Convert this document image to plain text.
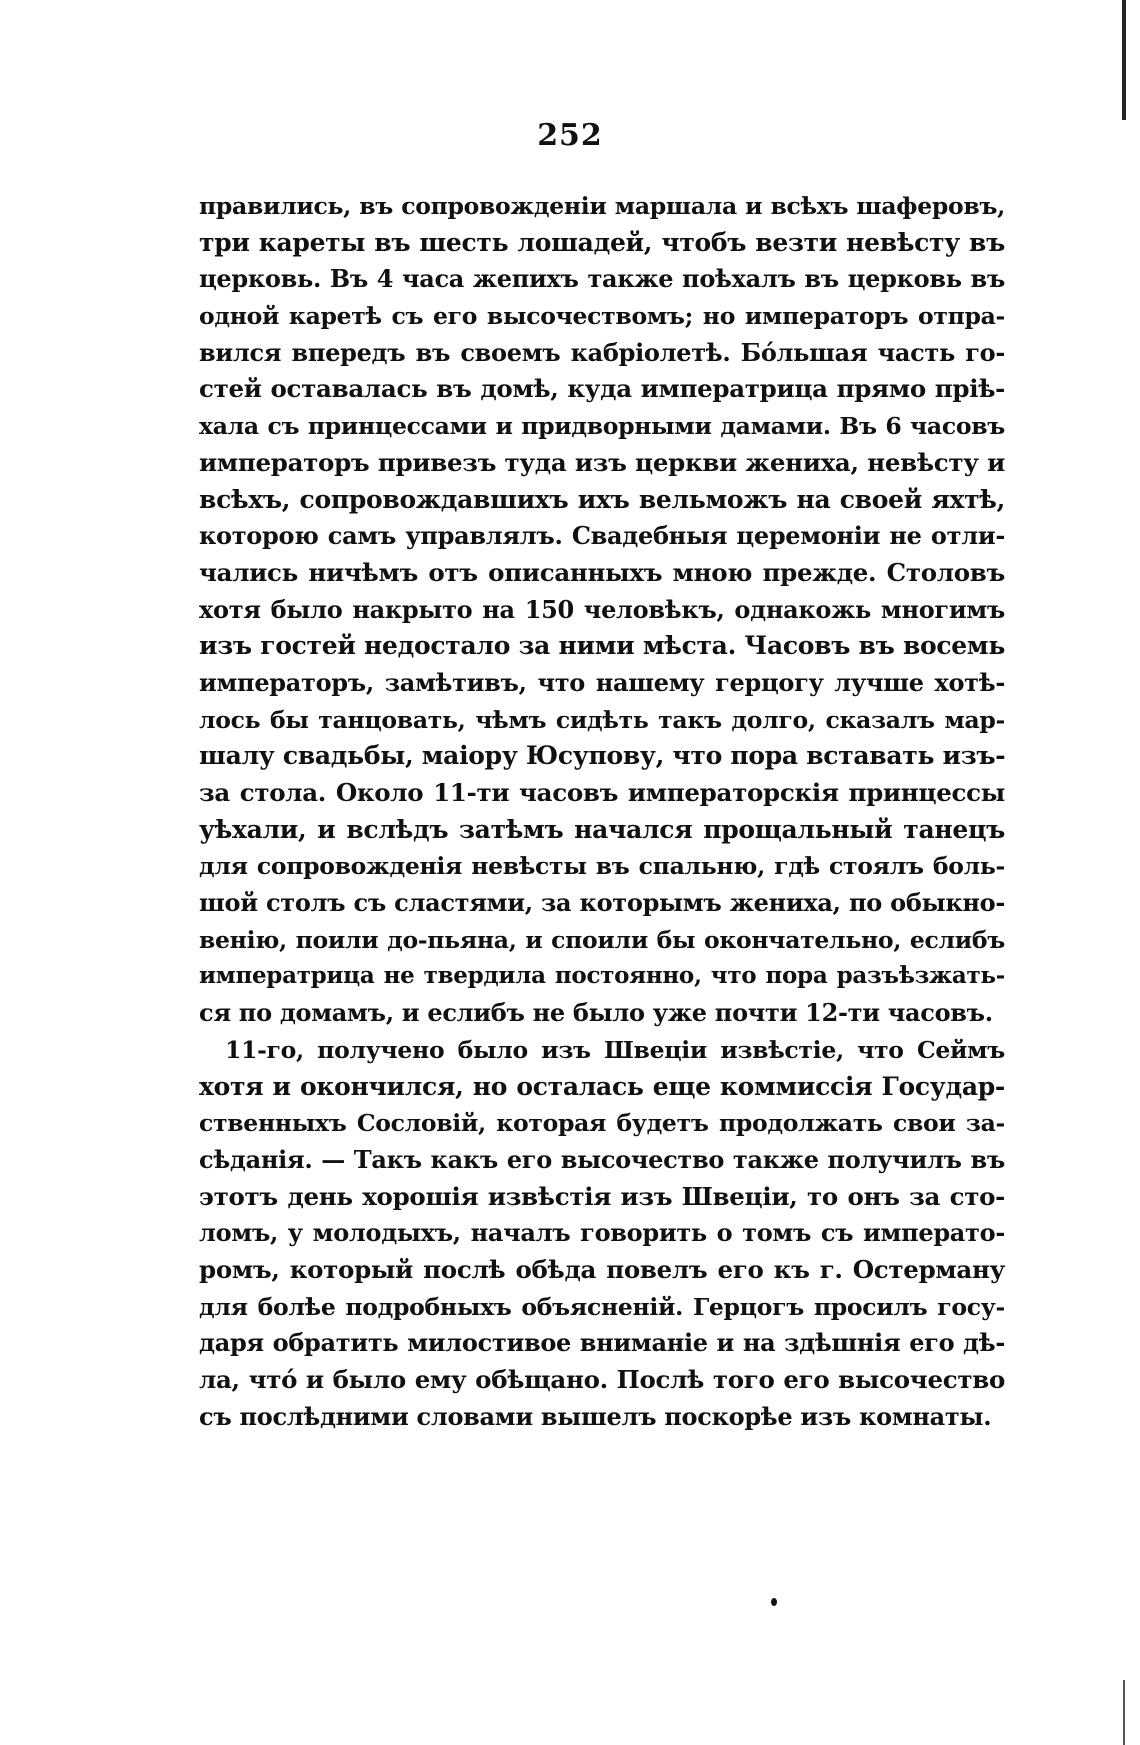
252
правились, въ сопровожденіи маршала и всѣхъ шаферовъ,
три кареты въ шесть лошадей, чтобъ везти невѣсту въ
церковь. Въ 4 часа жепихъ также поѣхалъ въ церковь въ
одной каретѣ съ его высочествомъ; но императоръ отпра-
вился впередъ въ своемъ кабріолетѣ. Бóльшая часть го-
стей оставалась въ домѣ, куда императрица прямо пріѣ-
хала съ принцессами и придворными дамами. Въ 6 часовъ
императоръ привезъ туда изъ церкви жениха, невѣсту и
всѣхъ, сопровождавшихъ ихъ вельможъ на своей яхтѣ,
которою самъ управлялъ. Свадебныя церемоніи не отли-
чались ничѣмъ отъ описанныхъ мною прежде. Столовъ
хотя было накрыто на 150 человѣкъ, однакожь многимъ
изъ гостей недостало за ними мѣста. Часовъ въ восемь
императоръ, замѣтивъ, что нашему герцогу лучше хотѣ-
лось бы танцовать, чѣмъ сидѣть такъ долго, сказалъ мар-
шалу свадьбы, маіору Юсупову, что пора вставать изъ-
за стола. Около 11-ти часовъ императорскія принцессы
уѣхали, и вслѣдъ затѣмъ начался прощальный танецъ
для сопровожденія невѣсты въ спальню, гдѣ стоялъ боль-
шой столъ съ сластями, за которымъ жениха, по обыкно-
венію, поили до-пьяна, и споили бы окончательно, еслибъ
императрица не твердила постоянно, что пора разъѣзжать-
ся по домамъ, и еслибъ не было уже почти 12-ти часовъ.
11-го, получено было изъ Швеціи извѣстіе, что Сеймъ
хотя и окончился, но осталась еще коммиссія Государ-
ственныхъ Сословій, которая будетъ продолжать свои за-
сѣданія. — Такъ какъ его высочество также получилъ въ
этотъ день хорошія извѣстія изъ Швеціи, то онъ за сто-
ломъ, у молодыхъ, началъ говорить о томъ съ императо-
ромъ, который послѣ обѣда повелъ его къ г. Остерману
для болѣе подробныхъ объясненій. Герцогъ просилъ госу-
даря обратить милостивое вниманіе и на здѣшнія его дѣ-
ла, чтó и было ему обѣщано. Послѣ того его высочество
съ послѣдними словами вышелъ поскорѣе изъ комнаты.
